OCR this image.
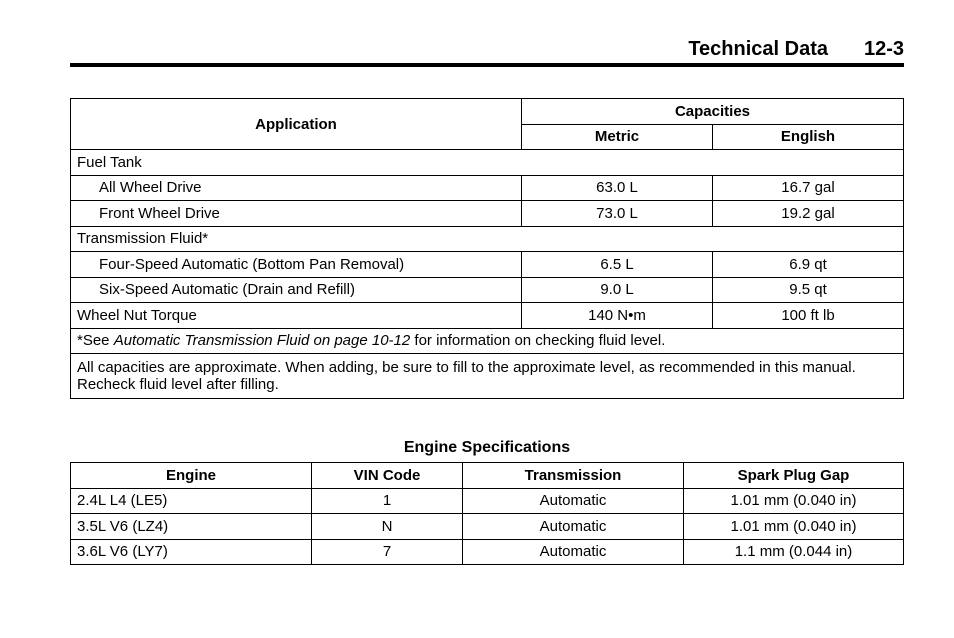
Technical Data 12-3
Application	Capacities	
	Metric	English
Fuel Tank		
All Wheel Drive	63.0 L	16.7 gal
Front Wheel Drive	73.0 L	19.2 gal
Transmission Fluid*		
Four-Speed Automatic (Bottom Pan Removal)	6.5 L	6.9 qt
Six-Speed Automatic (Drain and Refill)	9.0 L	9.5 qt
Wheel Nut Torque	140 N•m	100 ft lb
*See Automatic Transmission Fluid on page 10-12 for information on checking fluid level.		
All capacities are approximate. When adding, be sure to fill to the approximate level, as recommended in this manual. Recheck fluid level after filling.		
Engine Specifications
Engine	VIN Code	Transmission	Spark Plug Gap
2.4L L4 (LE5)	1	Automatic	1.01 mm (0.040 in)
3.5L V6 (LZ4)	N	Automatic	1.01 mm (0.040 in)
3.6L V6 (LY7)	7	Automatic	1.1 mm (0.044 in)
